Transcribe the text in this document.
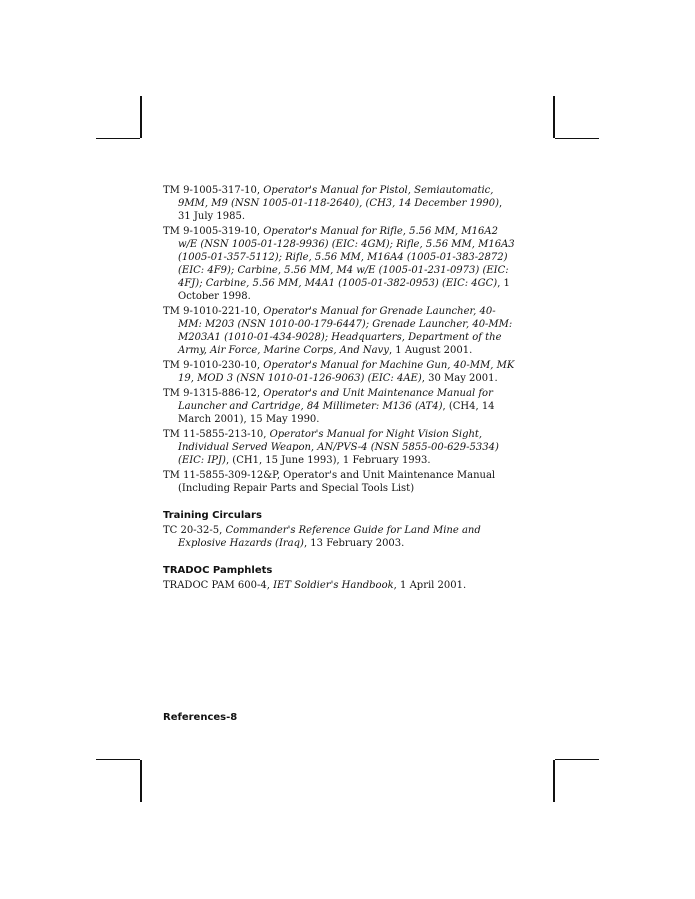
TM 9-1005-317-10, Operator's Manual for Pistol, Semiautomatic, 9MM, M9 (NSN 1005-01-118-2640), (CH3, 14 December 1990), 31 July 1985.
TM 9-1005-319-10, Operator's Manual for Rifle, 5.56 MM, M16A2 w/E (NSN 1005-01-128-9936) (EIC: 4GM); Rifle, 5.56 MM, M16A3 (1005-01-357-5112); Rifle, 5.56 MM, M16A4 (1005-01-383-2872) (EIC: 4F9); Carbine, 5.56 MM, M4 w/E (1005-01-231-0973) (EIC: 4FJ); Carbine, 5.56 MM, M4A1 (1005-01-382-0953) (EIC: 4GC), 1 October 1998.
TM 9-1010-221-10, Operator's Manual for Grenade Launcher, 40-MM: M203 (NSN 1010-00-179-6447); Grenade Launcher, 40-MM: M203A1 (1010-01-434-9028); Headquarters, Department of the Army, Air Force, Marine Corps, And Navy, 1 August 2001.
TM 9-1010-230-10, Operator's Manual for Machine Gun, 40-MM, MK 19, MOD 3 (NSN 1010-01-126-9063) (EIC: 4AE), 30 May 2001.
TM 9-1315-886-12, Operator's and Unit Maintenance Manual for Launcher and Cartridge, 84 Millimeter: M136 (AT4), (CH4, 14 March 2001), 15 May 1990.
TM 11-5855-213-10, Operator's Manual for Night Vision Sight, Individual Served Weapon, AN/PVS-4 (NSN 5855-00-629-5334) (EIC: IPJ), (CH1, 15 June 1993), 1 February 1993.
TM 11-5855-309-12&P, Operator's and Unit Maintenance Manual (Including Repair Parts and Special Tools List)
Training Circulars
TC 20-32-5, Commander's Reference Guide for Land Mine and Explosive Hazards (Iraq), 13 February 2003.
TRADOC Pamphlets
TRADOC PAM 600-4, IET Soldier's Handbook, 1 April 2001.
References-8
